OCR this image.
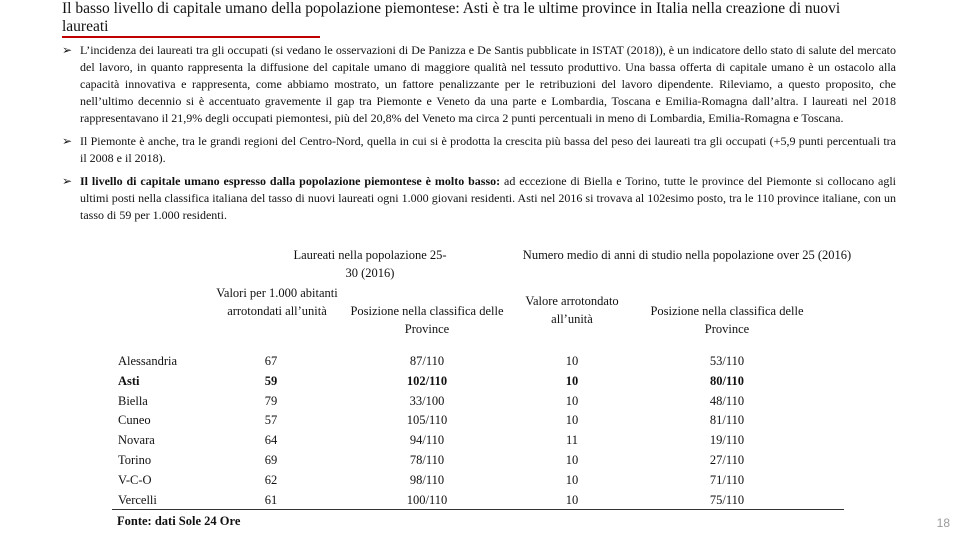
Il basso livello di capitale umano della popolazione piemontese: Asti è tra le ultime province in Italia nella creazione di nuovi laureati
➢ L’incidenza dei laureati tra gli occupati (si vedano le osservazioni di De Panizza e De Santis pubblicate in ISTAT (2018)), è un indicatore dello stato di salute del mercato del lavoro, in quanto rappresenta la diffusione del capitale umano di maggiore qualità nel tessuto produttivo. Una bassa offerta di capitale umano è un ostacolo alla capacità innovativa e rappresenta, come abbiamo mostrato, un fattore penalizzante per le retribuzioni del lavoro dipendente. Rileviamo, a questo proposito, che nell’ultimo decennio si è accentuato gravemente il gap tra Piemonte e Veneto da una parte e Lombardia, Toscana e Emilia-Romagna dall’altra. I laureati nel 2018 rappresentavano il 21,9% degli occupati piemontesi, più del 20,8% del Veneto ma circa 2 punti percentuali in meno di Lombardia, Emilia-Romagna e Toscana.
➢ Il Piemonte è anche, tra le grandi regioni del Centro-Nord, quella in cui si è prodotta la crescita più bassa del peso dei laureati tra gli occupati (+5,9 punti percentuali tra il 2008 e il 2018).
➢ Il livello di capitale umano espresso dalla popolazione piemontese è molto basso: ad eccezione di Biella e Torino, tutte le province del Piemonte si collocano agli ultimi posti nella classifica italiana del tasso di nuovi laureati ogni 1.000 giovani residenti. Asti nel 2016 si trovava al 102esimo posto, tra le 110 province italiane, con un tasso di 59 per 1.000 residenti.
Laureati nella popolazione 25-30 (2016)
Numero medio di anni di studio nella popolazione over 25 (2016)
Valori per 1.000 abitanti arrotondati all’unità	Posizione nella classifica delle Province
Valore arrotondato all’unità
Posizione nella classifica delle Province
Alessandria	67	87/110	10	53/110
Asti	59	102/110	10	80/110
Biella	79	33/100	10	48/110
Cuneo	57	105/110	10	81/110
Novara	64	94/110	11	19/110
Torino	69	78/110	10	27/110
V-C-O	62	98/110	10	71/110
Vercelli	61	100/110	10	75/110
Fonte: dati Sole 24 Ore	18
